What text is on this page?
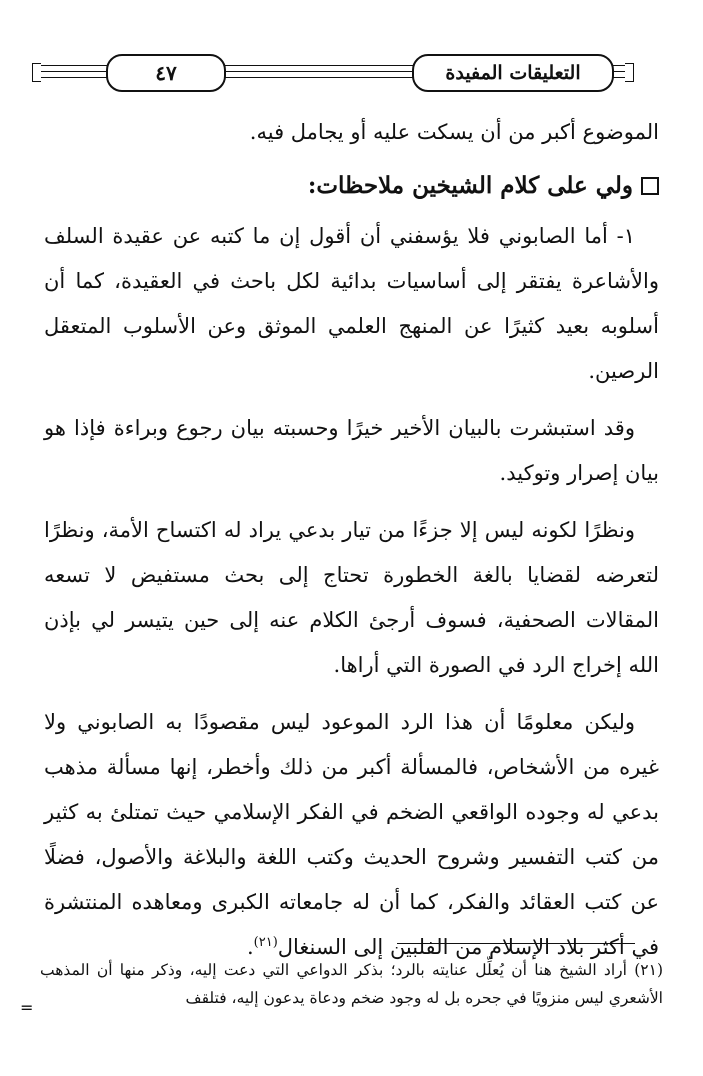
٤٧	التعليقات المفيدة

الموضوع أكبر من أن يسكت عليه أو يجامل فيه.

ولي على كلام الشيخين ملاحظات:

١- أما الصابوني فلا يؤسفني أن أقول إن ما كتبه عن عقيدة السلف والأشاعرة يفتقر إلى أساسيات بدائية لكل باحث في العقيدة، كما أن أسلوبه بعيد كثيرًا عن المنهج العلمي الموثق وعن الأسلوب المتعقل الرصين.

وقد استبشرت بالبيان الأخير خيرًا وحسبته بيان رجوع وبراءة فإذا هو بيان إصرار وتوكيد.

ونظرًا لكونه ليس إلا جزءًا من تيار بدعي يراد له اكتساح الأمة، ونظرًا لتعرضه لقضايا بالغة الخطورة تحتاج إلى بحث مستفيض لا تسعه المقالات الصحفية، فسوف أرجئ الكلام عنه إلى حين يتيسر لي بإذن الله إخراج الرد في الصورة التي أراها.

وليكن معلومًا أن هذا الرد الموعود ليس مقصودًا به الصابوني ولا غيره من الأشخاص، فالمسألة أكبر من ذلك وأخطر، إنها مسألة مذهب بدعي له وجوده الواقعي الضخم في الفكر الإسلامي حيث تمتلئ به كثير من كتب التفسير وشروح الحديث وكتب اللغة والبلاغة والأصول، فضلًا عن كتب العقائد والفكر، كما أن له جامعاته الكبرى ومعاهده المنتشرة في أكثر بلاد الإسلام من الفلبين إلى السنغال$^{(٢١)}$.

(٢١) أراد الشيخ هنا أن يُعلِّل عنايته بالرد؛ بذكر الدواعي التي دعت إليه، وذكر منها أن المذهب الأشعري ليس منزويًا في جحره بل له وجود ضخم ودعاة يدعون إليه، فتلقف

=
